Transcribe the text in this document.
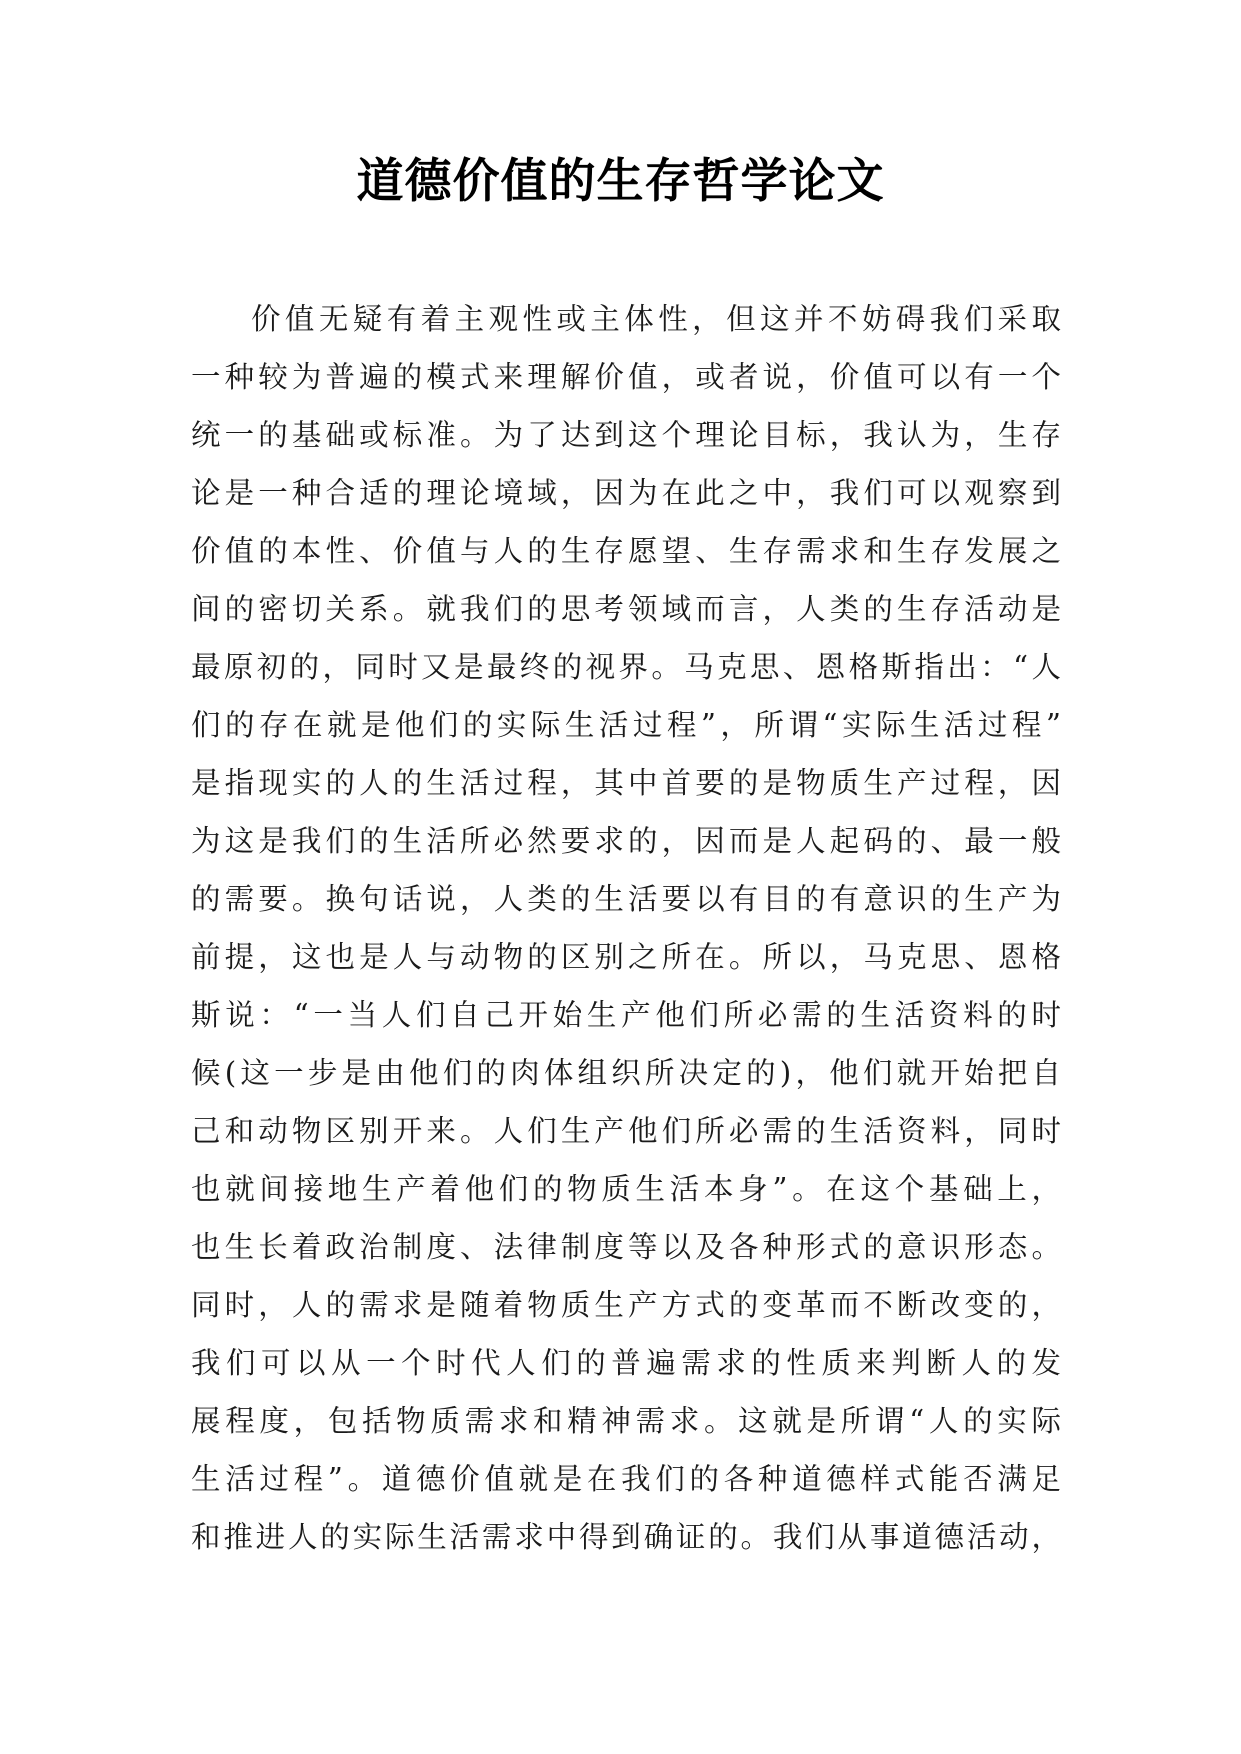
道德价值的生存哲学论文
价值无疑有着主观性或主体性，但这并不妨碍我们采取
一种较为普遍的模式来理解价值，或者说，价值可以有一个
统一的基础或标准。为了达到这个理论目标，我认为，生存
论是一种合适的理论境域，因为在此之中，我们可以观察到
价值的本性、价值与人的生存愿望、生存需求和生存发展之
间的密切关系。就我们的思考领域而言，人类的生存活动是
最原初的，同时又是最终的视界。马克思、恩格斯指出：“人
们的存在就是他们的实际生活过程”，所谓“实际生活过程”
是指现实的人的生活过程，其中首要的是物质生产过程，因
为这是我们的生活所必然要求的，因而是人起码的、最一般
的需要。换句话说，人类的生活要以有目的有意识的生产为
前提，这也是人与动物的区别之所在。所以，马克思、恩格
斯说：“一当人们自己开始生产他们所必需的生活资料的时
候(这一步是由他们的肉体组织所决定的)，他们就开始把自
己和动物区别开来。人们生产他们所必需的生活资料，同时
也就间接地生产着他们的物质生活本身”。在这个基础上，
也生长着政治制度、法律制度等以及各种形式的意识形态。
同时，人的需求是随着物质生产方式的变革而不断改变的，
我们可以从一个时代人们的普遍需求的性质来判断人的发
展程度，包括物质需求和精神需求。这就是所谓“人的实际
生活过程”。道德价值就是在我们的各种道德样式能否满足
和推进人的实际生活需求中得到确证的。我们从事道德活动，
